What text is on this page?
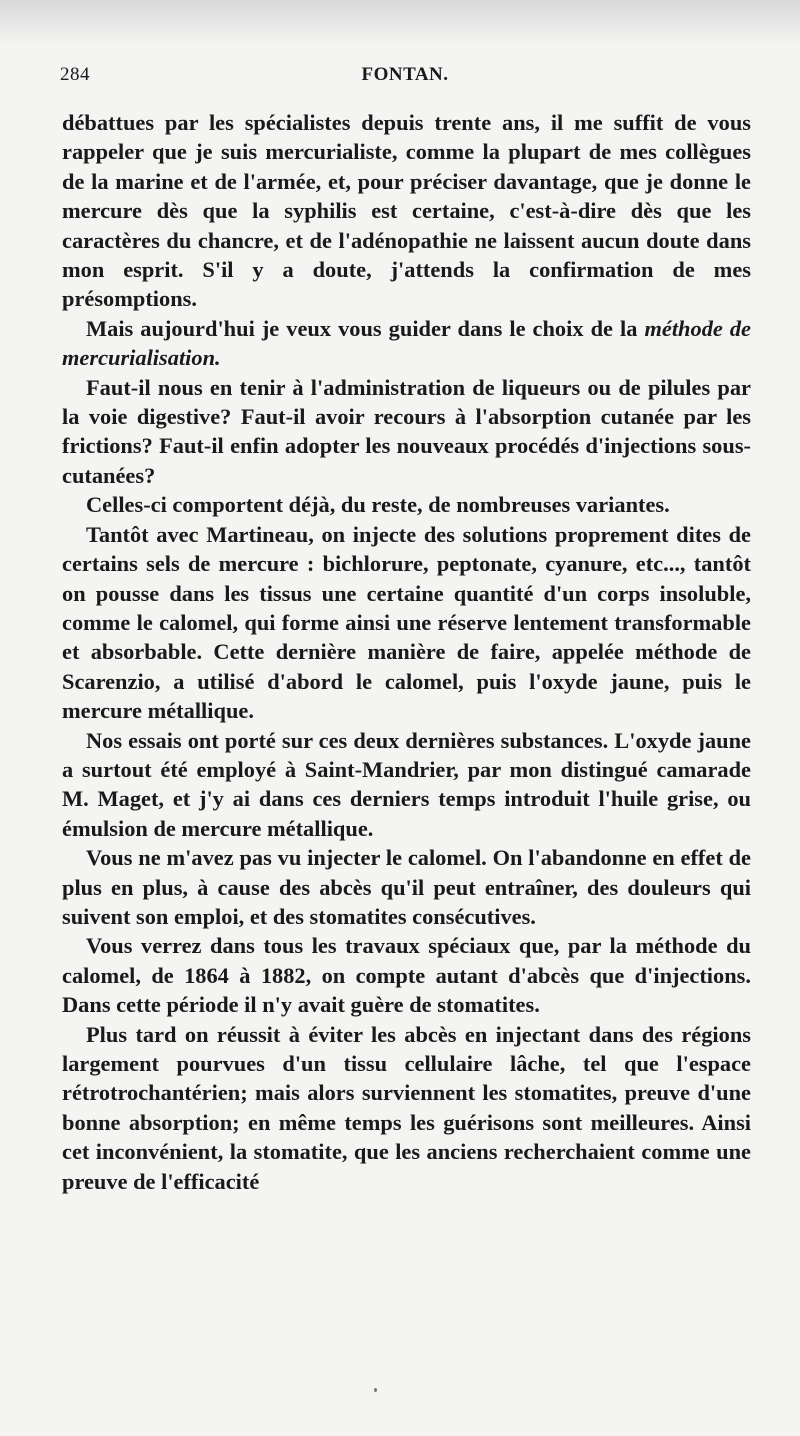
284	FONTAN.

débattues par les spécialistes depuis trente ans, il me suffit de vous rappeler que je suis mercurialiste, comme la plupart de mes collègues de la marine et de l'armée, et, pour préciser davantage, que je donne le mercure dès que la syphilis est certaine, c'est-à-dire dès que les caractères du chancre, et de l'adénopathie ne laissent aucun doute dans mon esprit. S'il y a doute, j'attends la confirmation de mes présomptions.

Mais aujourd'hui je veux vous guider dans le choix de la méthode de mercurialisation.

Faut-il nous en tenir à l'administration de liqueurs ou de pilules par la voie digestive? Faut-il avoir recours à l'absorption cutanée par les frictions? Faut-il enfin adopter les nouveaux procédés d'injections sous-cutanées?

Celles-ci comportent déjà, du reste, de nombreuses variantes.

Tantôt avec Martineau, on injecte des solutions proprement dites de certains sels de mercure : bichlorure, peptonate, cyanure, etc..., tantôt on pousse dans les tissus une certaine quantité d'un corps insoluble, comme le calomel, qui forme ainsi une réserve lentement transformable et absorbable. Cette dernière manière de faire, appelée méthode de Scarenzio, a utilisé d'abord le calomel, puis l'oxyde jaune, puis le mercure métallique.

Nos essais ont porté sur ces deux dernières substances. L'oxyde jaune a surtout été employé à Saint-Mandrier, par mon distingué camarade M. Maget, et j'y ai dans ces derniers temps introduit l'huile grise, ou émulsion de mercure métallique.

Vous ne m'avez pas vu injecter le calomel. On l'abandonne en effet de plus en plus, à cause des abcès qu'il peut entraîner, des douleurs qui suivent son emploi, et des stomatites consécutives.

Vous verrez dans tous les travaux spéciaux que, par la méthode du calomel, de 1864 à 1882, on compte autant d'abcès que d'injections. Dans cette période il n'y avait guère de stomatites.

Plus tard on réussit à éviter les abcès en injectant dans des régions largement pourvues d'un tissu cellulaire lâche, tel que l'espace rétrotrochantérien; mais alors surviennent les stomatites, preuve d'une bonne absorption; en même temps les guérisons sont meilleures. Ainsi cet inconvénient, la stomatite, que les anciens recherchaient comme une preuve de l'efficacité
